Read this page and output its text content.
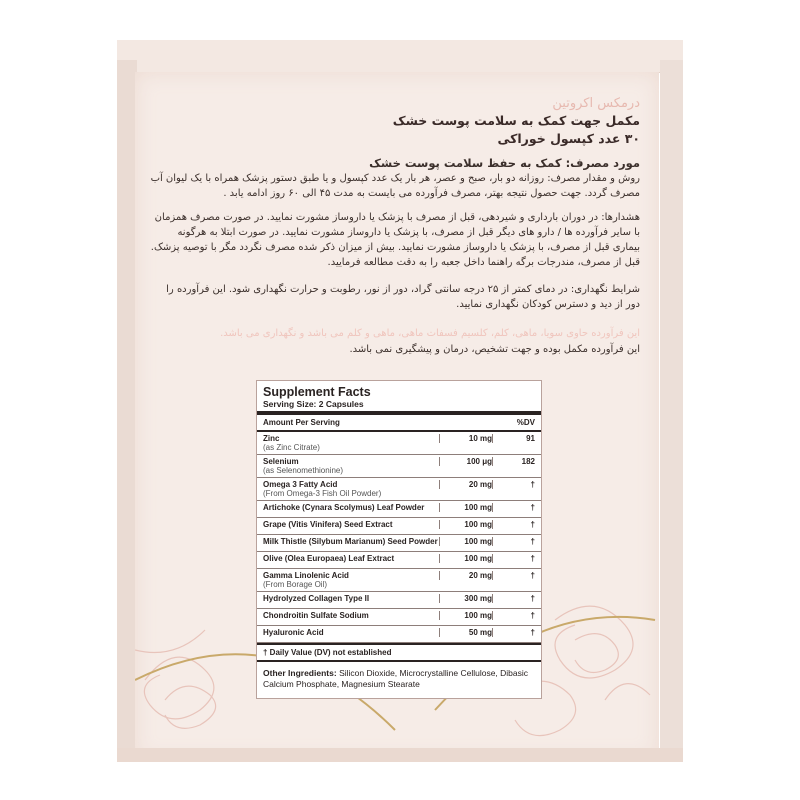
درمکس اکروتین
مکمل جهت کمک به سلامت پوست خشک
۳۰ عدد کپسول خوراکی
مورد مصرف: کمک به حفظ سلامت پوست خشک
روش و مقدار مصرف: روزانه دو بار، صبح و عصر، هر بار یک عدد کپسول و یا طبق دستور پزشک همراه با یک لیوان آب مصرف گردد. جهت حصول نتیجه بهتر، مصرف فرآورده می بایست به مدت ۴۵ الی ۶۰ روز ادامه یابد .
هشدارها: در دوران بارداری و شیردهی، قبل از مصرف با پزشک یا داروساز مشورت نمایید. در صورت مصرف همزمان با سایر فرآورده ها / دارو های دیگر قبل از مصرف، با پزشک یا داروساز مشورت نمایید. در صورت ابتلا به هرگونه بیماری قبل از مصرف، با پزشک یا داروساز مشورت نمایید. بیش از میزان ذکر شده مصرف نگردد مگر با توصیه پزشک. قبل از مصرف، مندرجات برگه راهنما داخل جعبه را به دقت مطالعه فرمایید.
شرایط نگهداری: در دمای کمتر از ۲۵ درجه سانتی گراد، دور از نور، رطوبت و حرارت نگهداری شود. این فرآورده را دور از دید و دسترس کودکان نگهداری نمایید.
این فرآورده حاوی سویا، ماهی، کلم، کلسیم فسفات ماهی، ماهی و کلم می باشد و نگهداری می باشد.
این فرآورده مکمل بوده و جهت تشخیص، درمان و پیشگیری نمی باشد.
Supplement Facts
Serving Size: 2 Capsules
Amount Per Serving	%DV
Zinc
(as Zinc Citrate)
10 mg	91
Selenium
(as Selenomethionine)
100 μg	182
Omega 3 Fatty Acid
(From Omega-3 Fish Oil Powder)
20 mg	†
Artichoke (Cynara Scolymus) Leaf Powder	100 mg	†
Grape (Vitis Vinifera) Seed Extract	100 mg	†
Milk Thistle (Silybum Marianum) Seed Powder	100 mg	†
Olive (Olea Europaea) Leaf Extract	100 mg	†
Gamma Linolenic Acid
(From Borage Oil)
20 mg	†
Hydrolyzed Collagen Type II	300 mg	†
Chondroitin Sulfate Sodium	100 mg	†
Hyaluronic Acid	50 mg	†
† Daily Value (DV) not established
Other Ingredients: Silicon Dioxide, Microcrystalline Cellulose, Dibasic Calcium Phosphate, Magnesium Stearate
